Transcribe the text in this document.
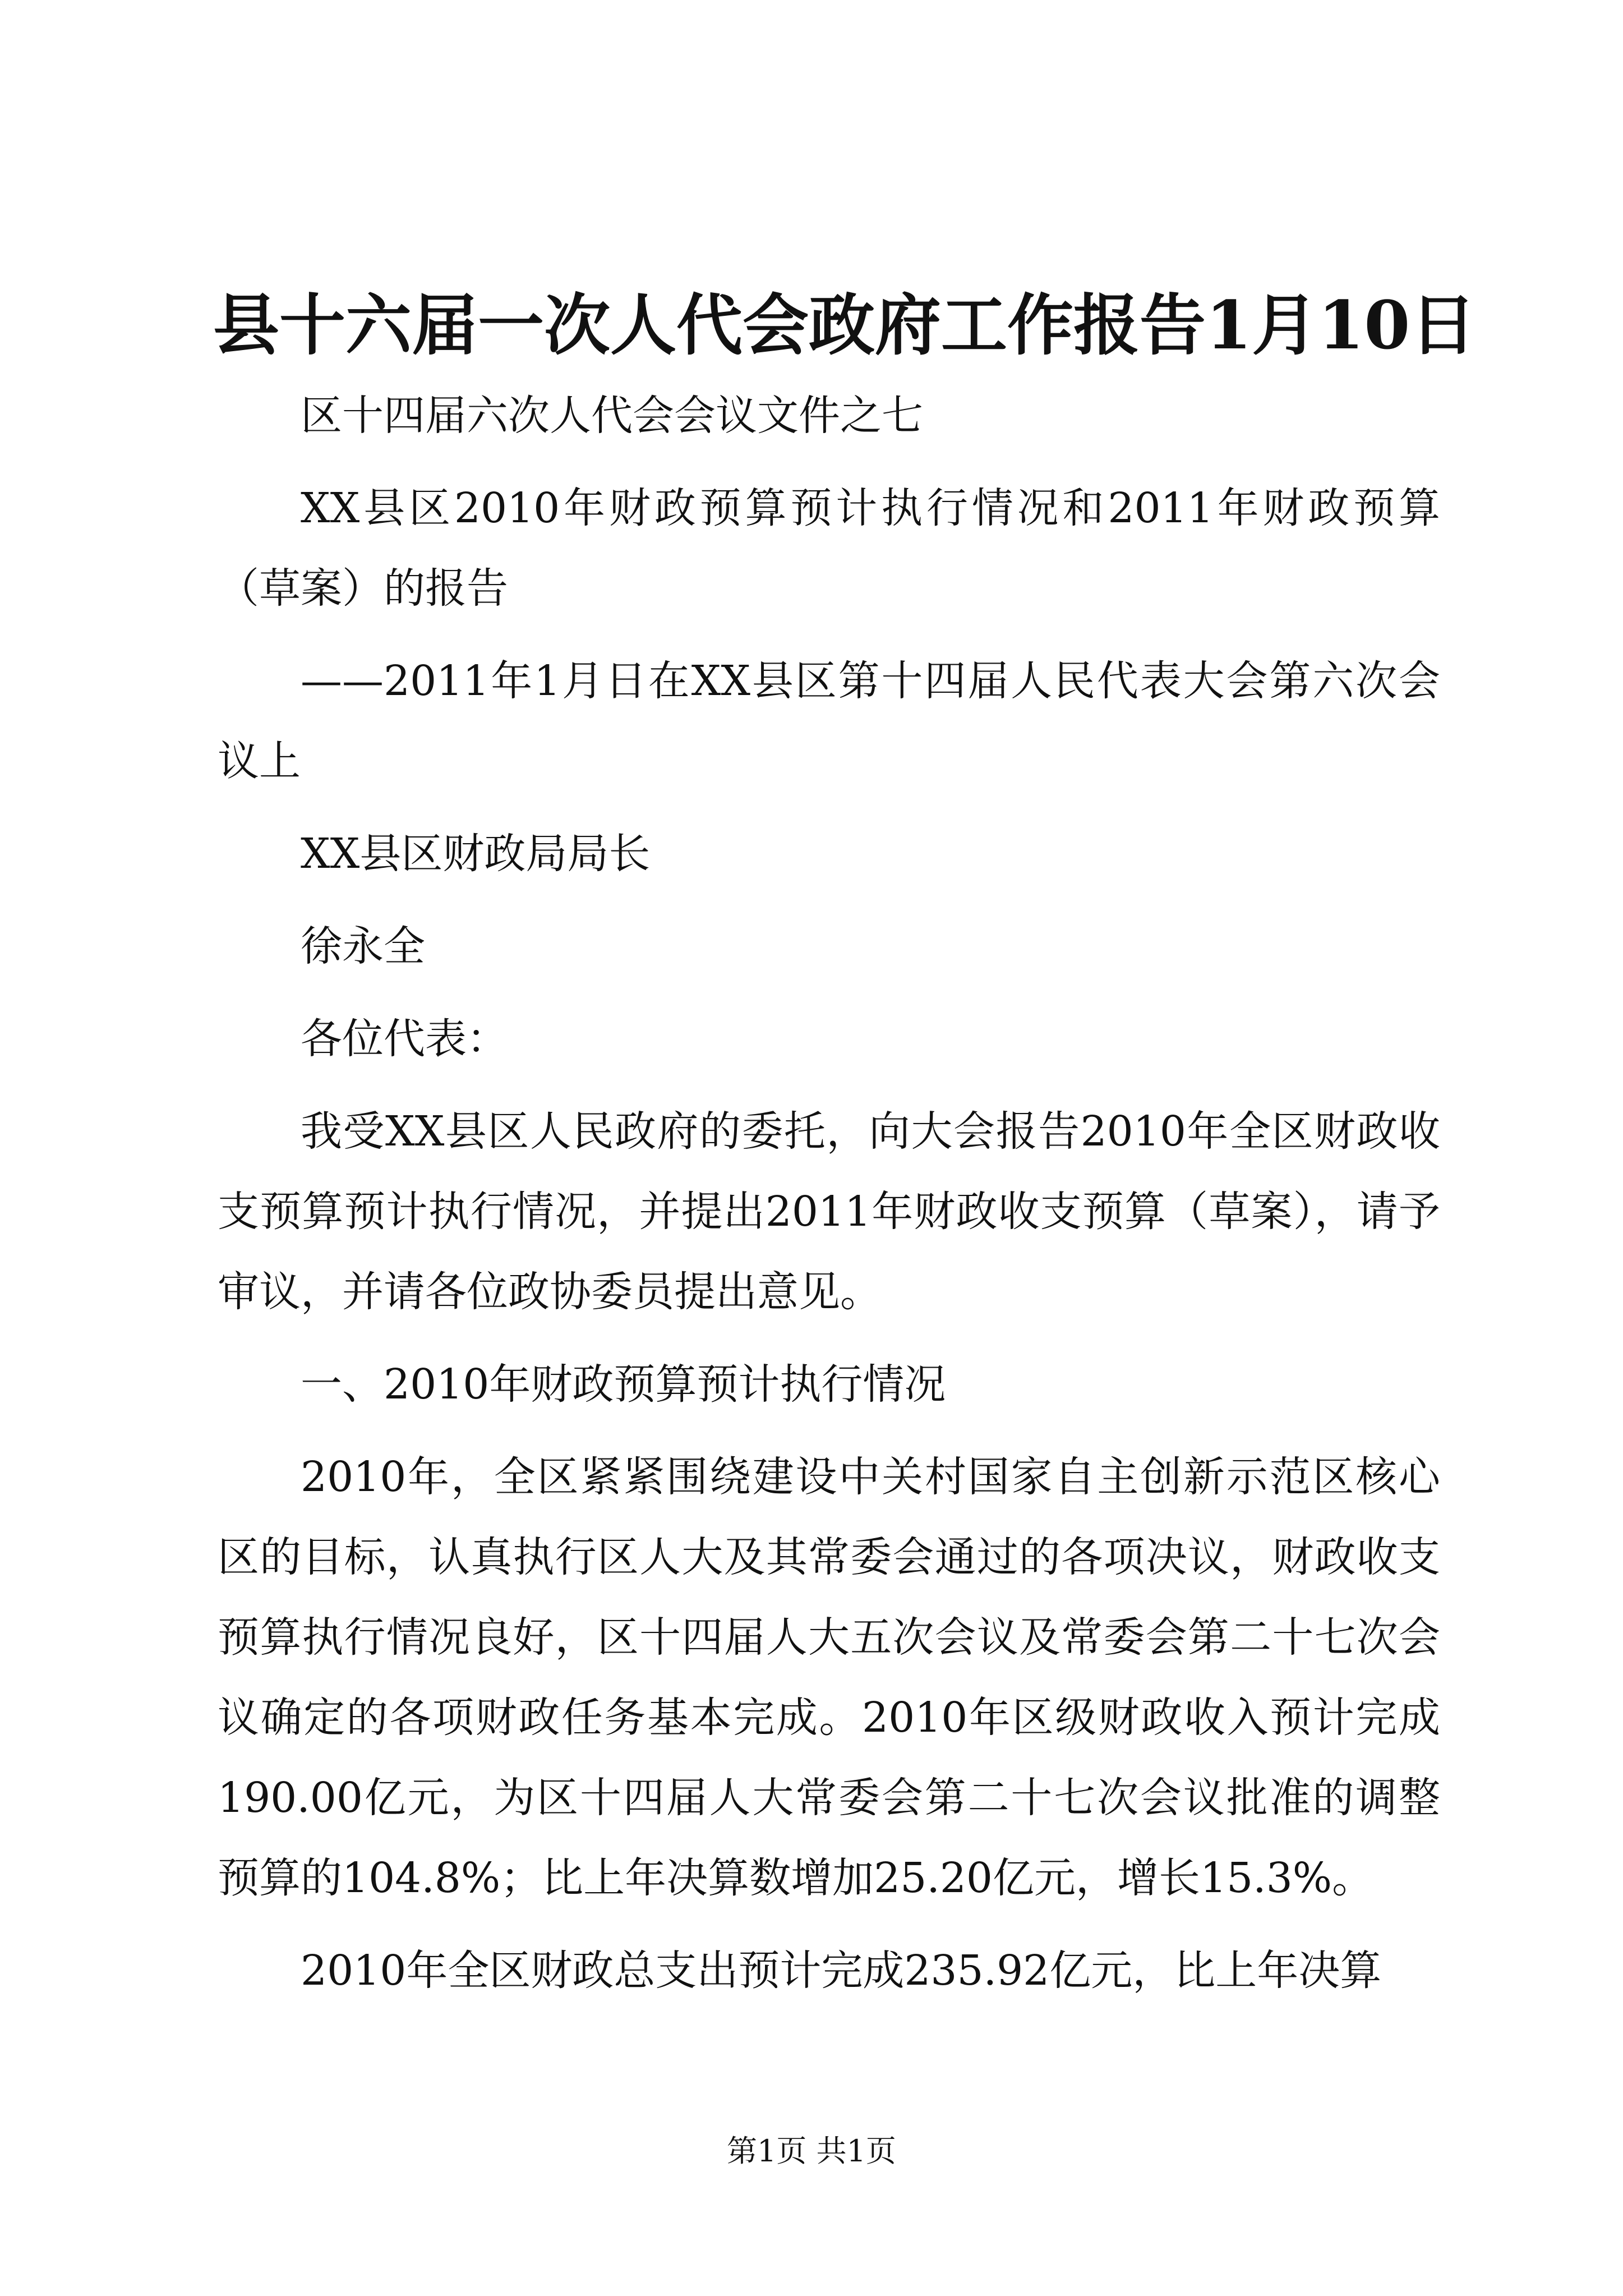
县十六届一次人代会政府工作报告1月10日

区十四届六次人代会会议文件之七

XX县区2010年财政预算预计执行情况和2011年财政预算（草案）的报告

——2011年1月日在XX县区第十四届人民代表大会第六次会议上

XX县区财政局局长

徐永全

各位代表：

我受XX县区人民政府的委托，向大会报告2010年全区财政收支预算预计执行情况，并提出2011年财政收支预算（草案），请予审议，并请各位政协委员提出意见。

一、2010年财政预算预计执行情况

2010年，全区紧紧围绕建设中关村国家自主创新示范区核心区的目标，认真执行区人大及其常委会通过的各项决议，财政收支预算执行情况良好，区十四届人大五次会议及常委会第二十七次会议确定的各项财政任务基本完成。2010年区级财政收入预计完成190.00亿元，为区十四届人大常委会第二十七次会议批准的调整预算的104.8%；比上年决算数增加25.20亿元，增长15.3%。

2010年全区财政总支出预计完成235.92亿元，比上年决算

第1页 共1页
